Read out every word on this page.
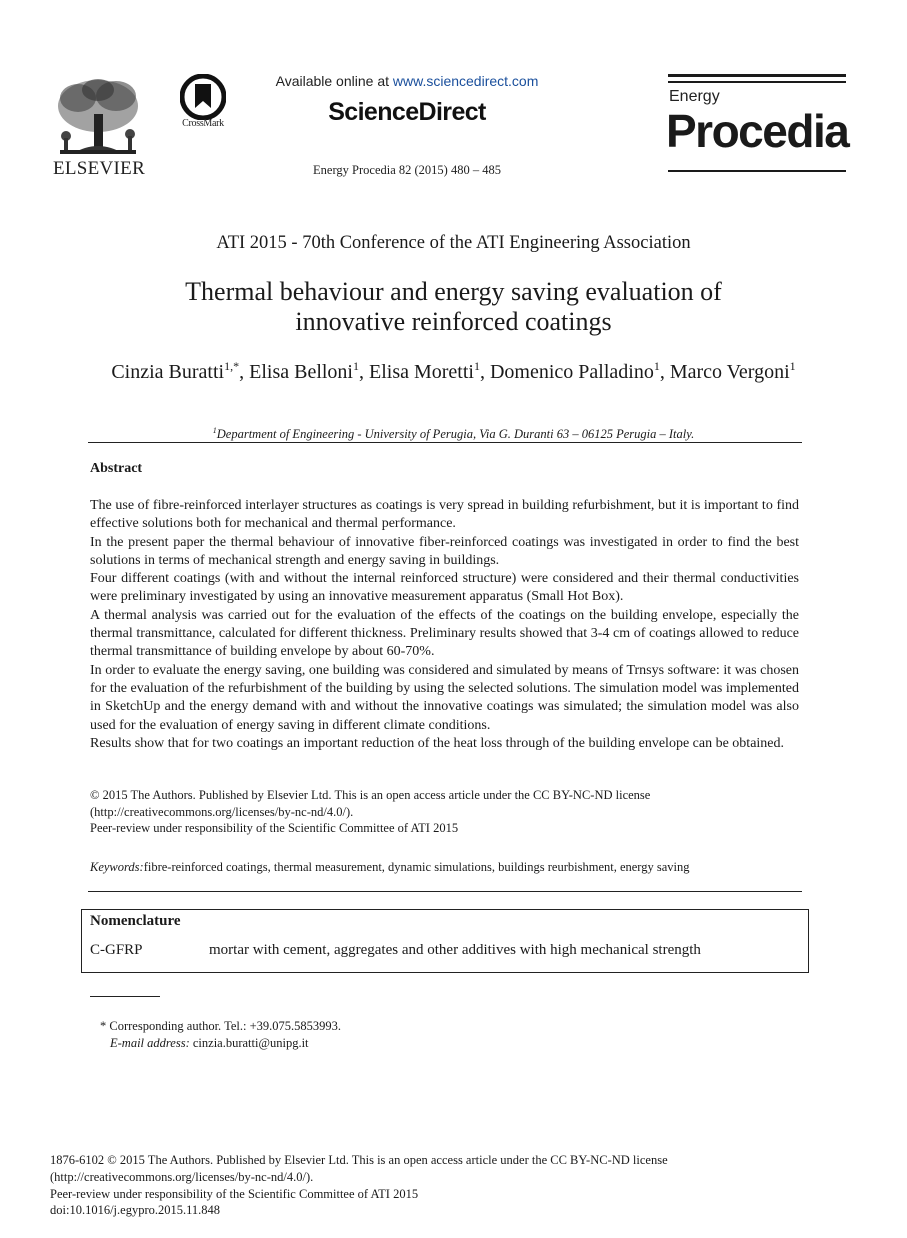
ELSEVIER
CrossMark
Available online at www.sciencedirect.com
ScienceDirect
Energy Procedia 82 (2015) 480 – 485
Energy
Procedia
ATI 2015 - 70th Conference of the ATI Engineering Association
Thermal behaviour and energy saving evaluation of
innovative reinforced coatings
Cinzia Buratti$^{1,*}$, Elisa Belloni$^1$, Elisa Moretti$^1$, Domenico Palladino$^1$, Marco Vergoni$^1$
$^1$Department of Engineering - University of Perugia, Via G. Duranti 63 – 06125 Perugia – Italy.
Abstract

The use of fibre-reinforced interlayer structures as coatings is very spread in building refurbishment, but it is important to find effective solutions both for mechanical and thermal performance.

In the present paper the thermal behaviour of innovative fiber-reinforced coatings was investigated in order to find the best solutions in terms of mechanical strength and energy saving in buildings.

Four different coatings (with and without the internal reinforced structure) were considered and their thermal conductivities were preliminary investigated by using an innovative measurement apparatus (Small Hot Box).

A thermal analysis was carried out for the evaluation of the effects of the coatings on the building envelope, especially the thermal transmittance, calculated for different thickness. Preliminary results showed that 3-4 cm of coatings allowed to reduce thermal transmittance of building envelope by about 60-70%.

In order to evaluate the energy saving, one building was considered and simulated by means of Trnsys software: it was chosen for the evaluation of the refurbishment of the building by using the selected solutions. The simulation model was implemented in SketchUp and the energy demand with and without the innovative coatings was simulated; the simulation model was also used for the evaluation of energy saving in different climate conditions.

Results show that for two coatings an important reduction of the heat loss through of the building envelope can be obtained.

© 2015 The Authors. Published by Elsevier Ltd. This is an open access article under the CC BY-NC-ND license

(http://creativecommons.org/licenses/by-nc-nd/4.0/).

Peer-review under responsibility of the Scientific Committee of ATI 2015

Keywords:fibre-reinforced coatings, thermal measurement, dynamic simulations, buildings reurbishment, energy saving
Nomenclature
C-GFRP	mortar with cement, aggregates and other additives with high mechanical strength
* Corresponding author. Tel.: +39.075.5853993.
E-mail address: cinzia.buratti@unipg.it

1876-6102 © 2015 The Authors. Published by Elsevier Ltd. This is an open access article under the CC BY-NC-ND license

(http://creativecommons.org/licenses/by-nc-nd/4.0/).

Peer-review under responsibility of the Scientific Committee of ATI 2015

doi:10.1016/j.egypro.2015.11.848
